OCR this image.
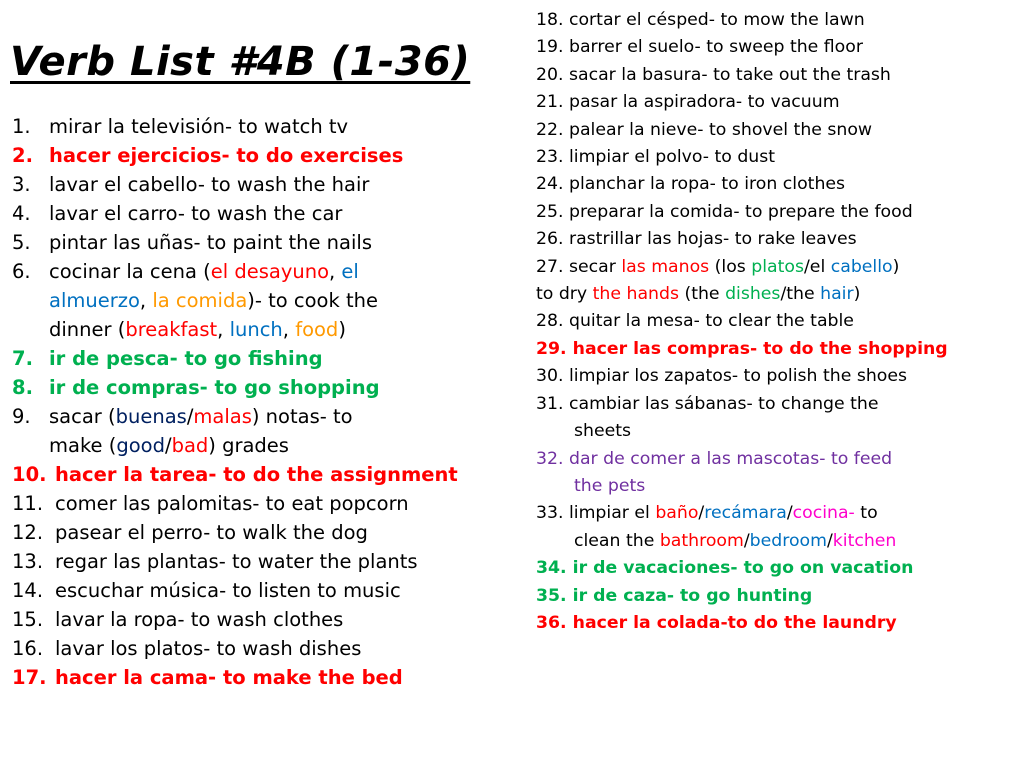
Verb List #4B (1-36)
1. mirar la televisión- to watch tv
2. hacer ejercicios- to do exercises
3. lavar el cabello- to wash the hair
4. lavar el carro- to wash the car
5. pintar las uñas- to paint the nails
6. cocinar la cena (el desayuno, el
almuerzo, la comida)- to cook the
dinner (breakfast, lunch, food)
7. ir de pesca- to go fishing
8. ir de compras- to go shopping
9. sacar (buenas/malas) notas- to
make (good/bad) grades
10. hacer la tarea- to do the assignment
11. comer las palomitas- to eat popcorn
12. pasear el perro- to walk the dog
13. regar las plantas- to water the plants
14. escuchar música- to listen to music
15. lavar la ropa- to wash clothes
16. lavar los platos- to wash dishes
17. hacer la cama- to make the bed
18. cortar el césped- to mow the lawn
19. barrer el suelo- to sweep the floor
20. sacar la basura- to take out the trash
21. pasar la aspiradora- to vacuum
22. palear la nieve- to shovel the snow
23. limpiar el polvo- to dust
24. planchar la ropa- to iron clothes
25. preparar la comida- to prepare the food
26. rastrillar las hojas- to rake leaves
27. secar las manos (los platos/el cabello)
to dry the hands (the dishes/the hair)
28. quitar la mesa- to clear the table
29. hacer las compras- to do the shopping
30. limpiar los zapatos- to polish the shoes
31. cambiar las sábanas- to change the
sheets
32. dar de comer a las mascotas- to feed
the pets
33. limpiar el baño/recámara/cocina- to
clean the bathroom/bedroom/kitchen
34. ir de vacaciones- to go on vacation
35. ir de caza- to go hunting
36. hacer la colada-to do the laundry
